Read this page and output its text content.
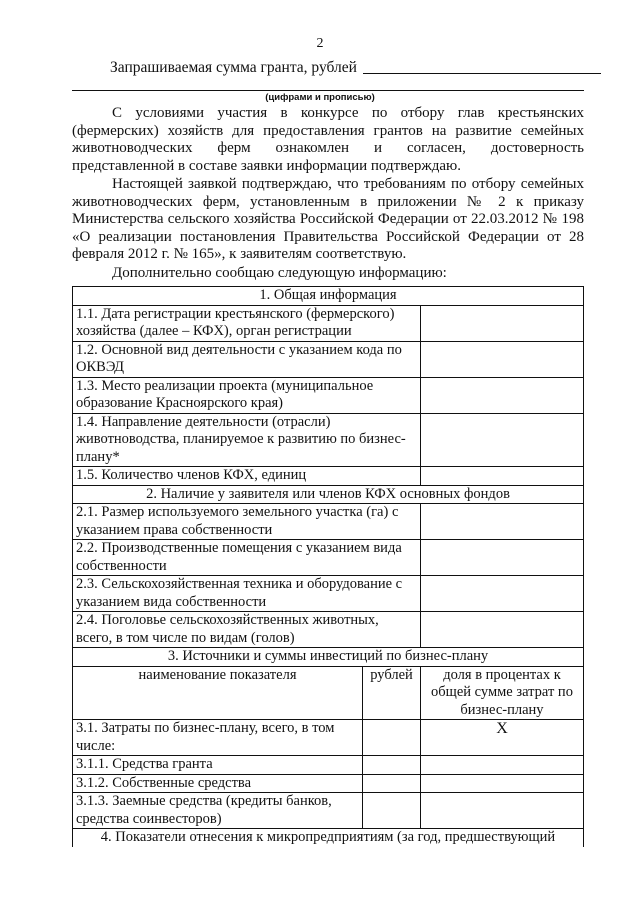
2
Запрашиваемая сумма гранта, рублей
(цифрами и прописью)

С условиями участия в конкурсе по отбору глав крестьянских (фермерских) хозяйств для предоставления грантов на развитие семейных животноводческих ферм ознакомлен и согласен, достоверность представленной в составе заявки информации подтверждаю.

Настоящей заявкой подтверждаю, что требованиям по отбору семейных животноводческих ферм, установленным в приложении № 2 к приказу Министерства сельского хозяйства Российской Федерации от 22.03.2012 № 198 «О реализации постановления Правительства Российской Федерации от 28 февраля 2012 г. № 165», к заявителям соответствую.

Дополнительно сообщаю следующую информацию:

1. Общая информация		
1.1. Дата регистрации крестьянского (фермерского) хозяйства (далее – КФХ), орган регистрации		
1.2. Основной вид деятельности с указанием кода по ОКВЭД		
1.3. Место реализации проекта (муниципальное образование Красноярского края)		
1.4. Направление деятельности (отрасли) животноводства, планируемое к развитию по бизнес-плану*		
1.5. Количество членов КФХ, единиц		
2. Наличие у заявителя или членов КФХ основных фондов		
2.1. Размер используемого земельного участка (га) с указанием права собственности		
2.2. Производственные помещения с указанием вида собственности		
2.3. Сельскохозяйственная техника и оборудование с указанием вида собственности		
2.4. Поголовье сельскохозяйственных животных, всего, в том числе по видам (голов)		
3. Источники и суммы инвестиций по бизнес-плану		
наименование показателя	рублей	доля в процентах к общей сумме затрат по бизнес-плану
3.1. Затраты по бизнес-плану, всего, в том числе:		X
3.1.1. Средства гранта		
3.1.2. Собственные средства		
3.1.3. Заемные средства (кредиты банков, средства соинвесторов)		
4. Показатели отнесения к микропредприятиям (за год, предшествующий		
